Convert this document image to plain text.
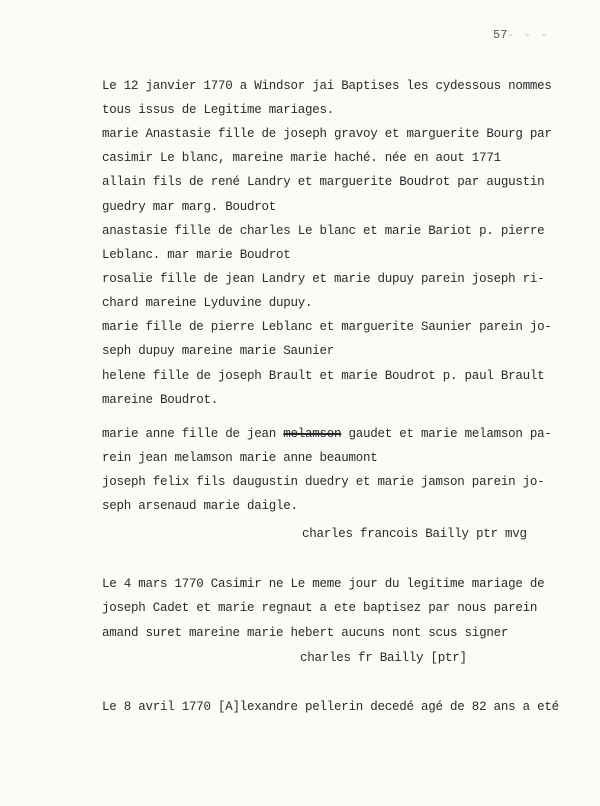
57- - -
Le 12 janvier 1770 a Windsor jai Baptises les cydessous nommes
tous issus de Legitime mariages.
marie Anastasie fille de joseph gravoy et marguerite Bourg par
casimir Le blanc, mareine marie haché. née en aout 1771
allain fils de rené Landry et marguerite Boudrot par augustin
guedry mar marg. Boudrot
anastasie fille de charles Le blanc et marie Bariot p. pierre
Leblanc. mar marie Boudrot
rosalie fille de jean Landry et marie dupuy parein joseph ri-
chard mareine Lyduvine dupuy.
marie fille de pierre Leblanc et marguerite Saunier parein jo-
seph dupuy mareine marie Saunier
helene fille de joseph Brault et marie Boudrot p. paul Brault
mareine Boudrot.
marie anne fille de jean melamson gaudet et marie melamson pa-
rein jean melamson marie anne beaumont
joseph felix fils daugustin duedry et marie jamson parein jo-
seph arsenaud marie daigle.
charles francois Bailly ptr mvg
Le 4 mars 1770 Casimir ne Le meme jour du legitime mariage de
joseph Cadet et marie regnaut a ete baptisez par nous parein
amand suret mareine marie hebert aucuns nont scus signer
charles fr Bailly [ptr]
Le 8 avril 1770 [A]lexandre pellerin decedé agé de 82 ans a eté
